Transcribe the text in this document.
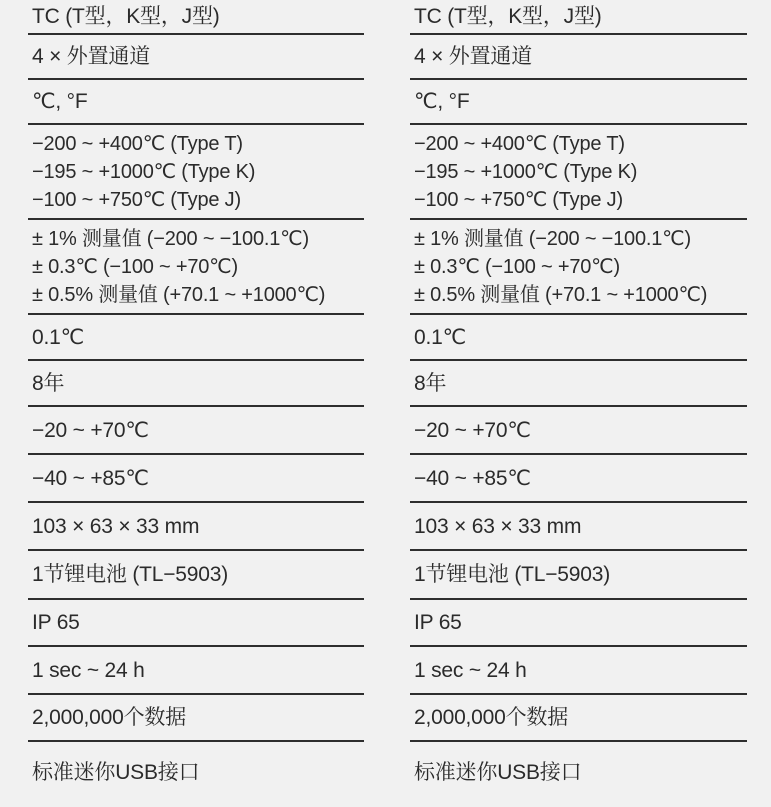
TC (T型，K型，J型)
4 × 外置通道
℃, °F
−200 ~ +400℃ (Type T)
−195 ~ +1000℃ (Type K)
−100 ~ +750℃ (Type J)
± 1% 测量值 (−200 ~ −100.1℃)
± 0.3℃ (−100 ~ +70℃)
± 0.5% 测量值 (+70.1 ~ +1000℃)
0.1℃
8年
−20 ~ +70℃
−40 ~ +85℃
103 × 63 × 33 mm
1节锂电池 (TL−5903)
IP 65
1 sec ~ 24 h
2,000,000个数据
标准迷你USB接口
TC (T型，K型，J型)
4 × 外置通道
℃, °F
−200 ~ +400℃ (Type T)
−195 ~ +1000℃ (Type K)
−100 ~ +750℃ (Type J)
± 1% 测量值 (−200 ~ −100.1℃)
± 0.3℃ (−100 ~ +70℃)
± 0.5% 测量值 (+70.1 ~ +1000℃)
0.1℃
8年
−20 ~ +70℃
−40 ~ +85℃
103 × 63 × 33 mm
1节锂电池 (TL−5903)
IP 65
1 sec ~ 24 h
2,000,000个数据
标准迷你USB接口
